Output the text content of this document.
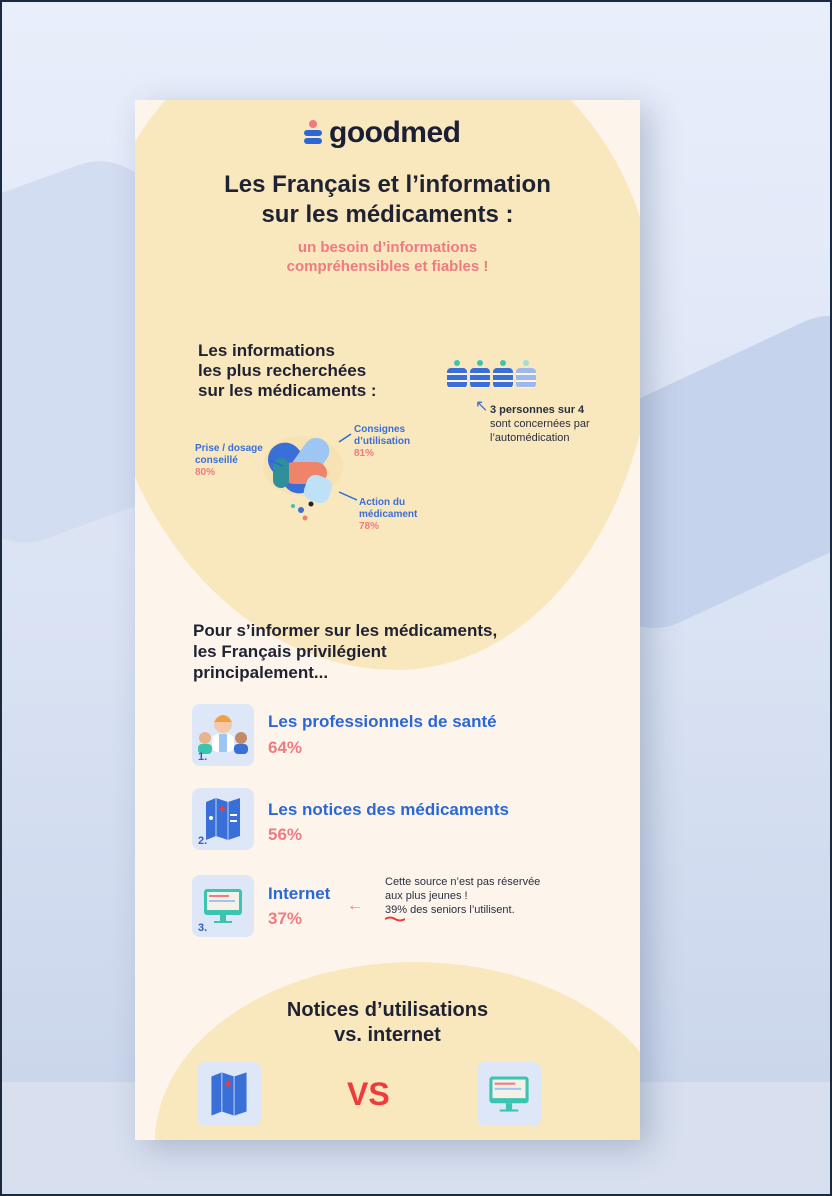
goodmed
Les Français et l’information
sur les médicaments :
un besoin d’informations
compréhensibles et fiables !
Les informations
les plus recherchées
sur les médicaments :
↖ 3 personnes sur 4
sont concernées par
l’automédication
Prise / dosage
conseillé
80%
Consignes
d’utilisation
81%
Action du
médicament
78%
Pour s’informer sur les médicaments,
les Français privilégient
principalement...
1.
Les professionnels de santé
64%
2.
Les notices des médicaments
56%
3.
Internet
37%
←
Cette source n’est pas réservée
aux plus jeunes !
39% des seniors l’utilisent.
Notices d’utilisations
vs. internet
VS
